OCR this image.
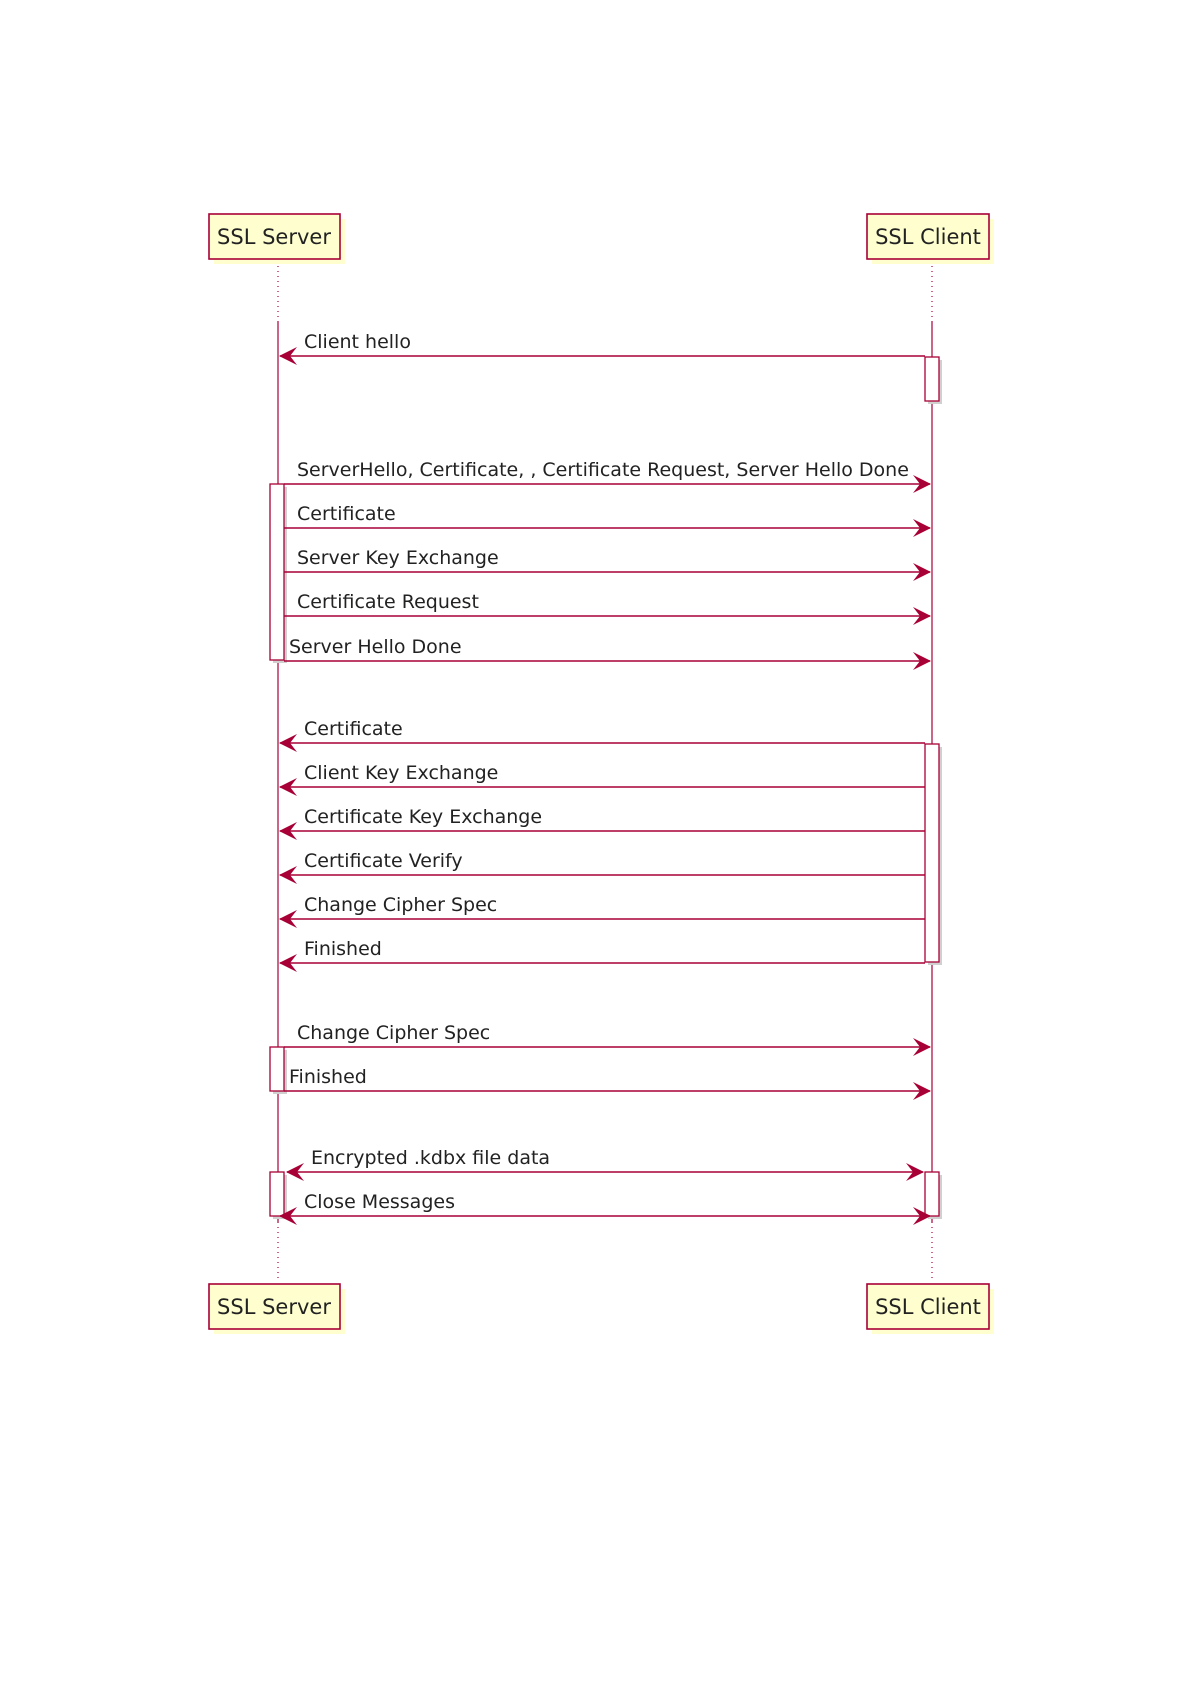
SSL Server	SSL Client
SSL Server	SSL Client
Client hello
ServerHello, Certificate, , Certificate Request, Server Hello Done
Certificate
Server Key Exchange
Certificate Request
Server Hello Done
Certificate
Client Key Exchange
Certificate Key Exchange
Certificate Verify
Change Cipher Spec
Finished
Change Cipher Spec
Finished
Encrypted .kdbx file data
Close Messages
